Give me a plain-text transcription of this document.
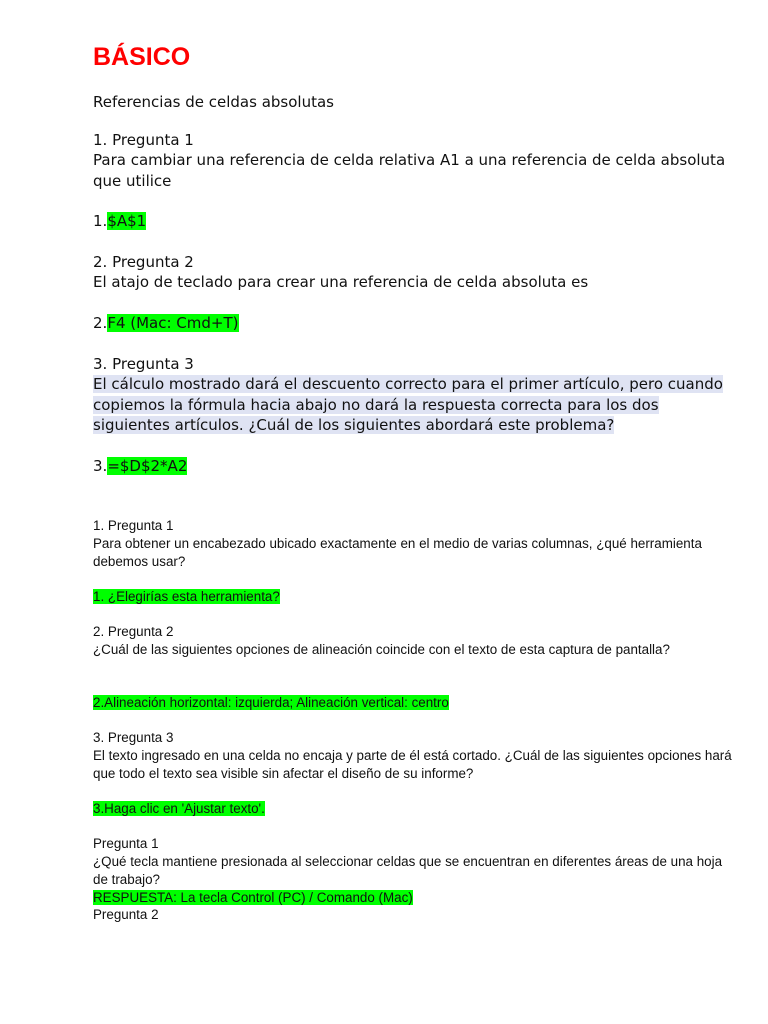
BÁSICO
Referencias de celdas absolutas
1. Pregunta 1
Para cambiar una referencia de celda relativa A1 a una referencia de celda absoluta que utilice
1.$A$1
2. Pregunta 2
El atajo de teclado para crear una referencia de celda absoluta es
2.F4 (Mac: Cmd+T)
3. Pregunta 3
El cálculo mostrado dará el descuento correcto para el primer artículo, pero cuando copiemos la fórmula hacia abajo no dará la respuesta correcta para los dos siguientes artículos. ¿Cuál de los siguientes abordará este problema?
3.=$D$2*A2
1. Pregunta 1
Para obtener un encabezado ubicado exactamente en el medio de varias columnas, ¿qué herramienta debemos usar?
1. ¿Elegirías esta herramienta?
2. Pregunta 2
¿Cuál de las siguientes opciones de alineación coincide con el texto de esta captura de pantalla?
2.Alineación horizontal: izquierda; Alineación vertical: centro
3. Pregunta 3
El texto ingresado en una celda no encaja y parte de él está cortado. ¿Cuál de las siguientes opciones hará que todo el texto sea visible sin afectar el diseño de su informe?
3.Haga clic en 'Ajustar texto'.
Pregunta 1
¿Qué tecla mantiene presionada al seleccionar celdas que se encuentran en diferentes áreas de una hoja de trabajo?
RESPUESTA: La tecla Control (PC) / Comando (Mac)
Pregunta 2
